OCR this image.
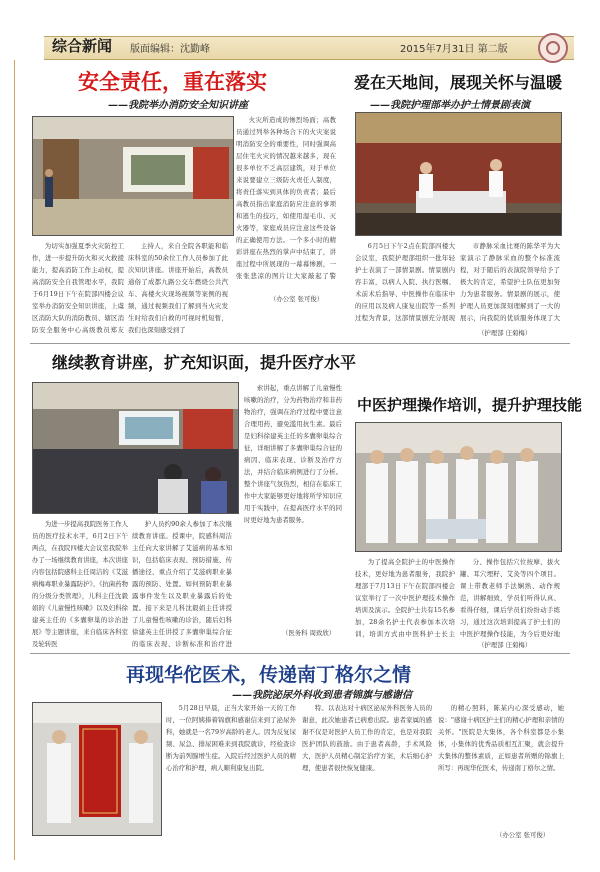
综合新闻 版面编辑：沈勤峰	2015年7月31日 第二版
安全责任，重在落实
——我院举办消防安全知识讲座

为切实加强夏季火灾防控工作，进一步提升防火和灭火救援能力，提高消防工作主动权，提高消防安全自我管理水平，我院于6月19日下午在院部四楼会议室举办消防安全知识讲座，上虞区消防大队的消防教员、辖区消防安全服务中心高级教员郑友

主持人，来自全院各职能和临床科室的50余位工作人员参加了此次知识讲座。讲座开始后，高教员通俗了成都九路公交车燃烧公共汽车、高楼火灾现场视频等案例的视频，通过视频我们了解到当火灾发生时给我们自救的可视时机短暂，我们也深刻感受到了

火灾所造成的惨烈场面；高教员通过列举各种场合下的火灾案说明消防安全的重要性，同时强调高层住宅火灾的情况越来越多，现在很多单位不乏高层建筑，对于单位来说要建立三级防火责任人制度，将责任落实到具体的负责者；最后高教员指出家庭消防应注意的事项和逃生的技巧，如使用湿毛巾、灭火器等，家庭成员应注意这些设备的正确使用方法。一个多小时的精彩讲座在热烈的掌声中结束了，讲座过程中所展现的一幕幕惨剧，一张张悲凉的图片让大家敲起了警

（办公室 张可俊）
爱在天地间，展现关怀与温暖
——我院护理部举办护士情景剧表演

6月5日下午2点在院部四楼大会议室，我院护理部组织一批年轻护士表演了一部情景剧。情景剧内容丰富，以病人入院、执行医嘱、术前术后指导、中医操作在临床中的应用以及病人康复出院等一系列过程为背景，这部情景剧充分展现

市静脉采血比赛的陈华平为大家演示了静脉采血的整个标准流程，对于随后的表演院领导给予了极大的肯定，希望护士队伍更加努力为患者服务。情景剧的展示，使护理人员更加深刻理解到了一大的展示，向我院的优质服务体现了大

（护理部 庄菊梅）
继续教育讲座，扩充知识面，提升医疗水平

为进一步提高我院医务工作人员的医疗技术水平，6月2日下午两点，在我院四楼大会议室我院举办了一场继续教育讲座，本次讲座内容包括院感科主任周洁的《艾滋病梅毒职业暴露防护》、《抗菌药物的分级分类管理》，儿科主任沈毅娟的《儿童慢性咳嗽》以及妇科徐建英主任的《多囊卵巢的诊治进展》等主题讲座，来自临床各科室及轮转医

护人员约90余人参加了本次继续教育讲座。授课中，院感科周洁主任向大家讲解了艾滋病的基本知识，包括临床表现、预防措施、传播途径、重点介绍了艾滋病职业暴露的预防、处置。如何预防职业暴露事件发生以及职业暴露后的处置。接下来是儿科沈毅娟主任讲授了儿童慢性咳嗽的诊治，随后妇科徐建英主任讲授了多囊卵巢综合征的临床表现、诊断标准和治疗进

索讲起，重点讲解了儿童慢性咳嗽的治疗，分为药物治疗和非药物治疗，强调在治疗过程中要注意合理用药，避免滥用抗生素。最后是妇科徐建英主任的多囊卵巢综合征，详细讲解了多囊卵巢综合征的病因、临床表现、诊断及治疗方法，并结合临床病例进行了分析。整个讲座气氛热烈，相信在临床工作中大家能够更好地将所学知识应用于实践中，在提高医疗水平的同时更好地为患者服务。

（医务科 周致欣）
中医护理操作培训，提升护理技能

为了提高全院护士的中医操作技术，更好地为患者服务，我院护理部于7月13日下午在院部四楼会议室举行了一次中医护理技术操作培训及演示。全院护士共有15名参加，28余名护士代表参加本次培训，培训方式由中医科护士长主

分、操作包括穴位按摩、拔火罐、耳穴埋籽、艾灸等四个项目。课上带教老师手法娴熟、动作规范，讲解细致，学员们听得认真、看得仔细，课后学员们纷纷动手练习，通过这次培训提高了护士们的中医护理操作技能，为今后更好地

（护理部 庄菊梅）
再现华佗医术，传递南丁格尔之情
——我院泌尿外科收到患者锦旗与感谢信

5月28日早晨，正当大家开始一天的工作时，一位阿姨捧着锦旗和感谢信来到了泌尿外科，她就是一名79岁高龄的老人。因为反复尿频、尿急、排尿困难来到我院就诊，经检查诊断为前列腺增生症。入院后经过医护人员的精心治疗和护理，病人顺利康复出院。

特。以表达对十病区泌尿外科医务人员的谢意，此次她患者已病愈出院。患者家属的感谢不仅是对医护人员工作的肯定，也是对我院医护团队的鼓励。由于患者高龄，手术风险大，医护人员精心制定治疗方案，术后细心护理，使患者很快恢复健康。

的精心照料，陈某内心深受感动，她说："感谢十病区护士们的精心护理和亲情的关怀。"医院是大集体，各个科室都是小集体，小集体的优秀品质相互汇聚，就会提升大集体的整体素质，正如患者所赠的锦旗上所写：再现华佗医术，传递南丁格尔之情。

（办公室 张可俊）
